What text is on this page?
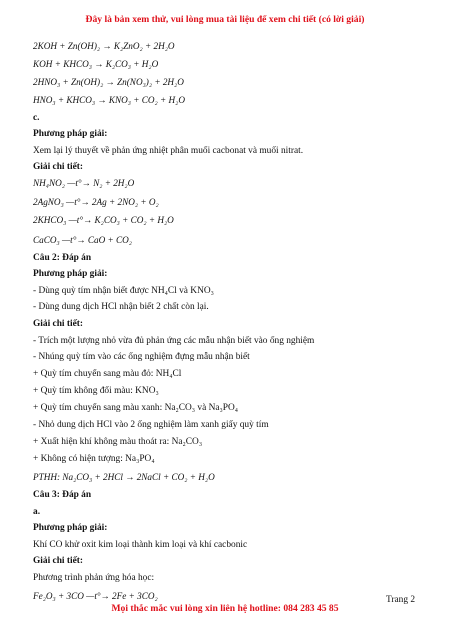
Đây là bản xem thử, vui lòng mua tài liệu để xem chi tiết (có lời giải)
2KOH + Zn(OH)₂ → K₂ZnO₂ + 2H₂O
KOH + KHCO₃ → K₂CO₃ + H₂O
2HNO₃ + Zn(OH)₂ → Zn(NO₃)₂ + 2H₂O
HNO₃ + KHCO₃ → KNO₃ + CO₂ + H₂O
c.
Phương pháp giải:
Xem lại lý thuyết về phản ứng nhiệt phân muối cacbonat và muối nitrat.
Giải chi tiết:
NH₄NO₂ —t°→ N₂ + 2H₂O
2AgNO₃ —t°→ 2Ag + 2NO₂ + O₂
2KHCO₃ —t°→ K₂CO₃ + CO₂ + H₂O
CaCO₃ —t°→ CaO + CO₂
Câu 2: Đáp án
Phương pháp giải:
- Dùng quỳ tím nhận biết được NH₄Cl và KNO₃
- Dùng dung dịch HCl nhận biết 2 chất còn lại.
Giải chi tiết:
- Trích một lượng nhỏ vừa đủ phản ứng các mẫu nhận biết vào ống nghiệm
- Nhúng quỳ tím vào các ống nghiệm đựng mẫu nhận biết
+ Quỳ tím chuyển sang màu đỏ: NH₄Cl
+ Quỳ tím không đổi màu: KNO₃
+ Quỳ tím chuyển sang màu xanh: Na₂CO₃ và Na₃PO₄
- Nhỏ dung dịch HCl vào 2 ống nghiệm làm xanh giấy quỳ tím
+ Xuất hiện khí không màu thoát ra: Na₂CO₃
+ Không có hiện tượng: Na₃PO₄
PTHH: Na₂CO₃ + 2HCl → 2NaCl + CO₂ + H₂O
Câu 3: Đáp án
a.
Phương pháp giải:
Khí CO khử oxit kim loại thành kim loại và khí cacbonic
Giải chi tiết:
Phương trình phản ứng hóa học:
Fe₂O₃ + 3CO —t°→ 2Fe + 3CO₂	Trang 2
Mọi thắc mắc vui lòng xin liên hệ hotline: 084 283 45 85
